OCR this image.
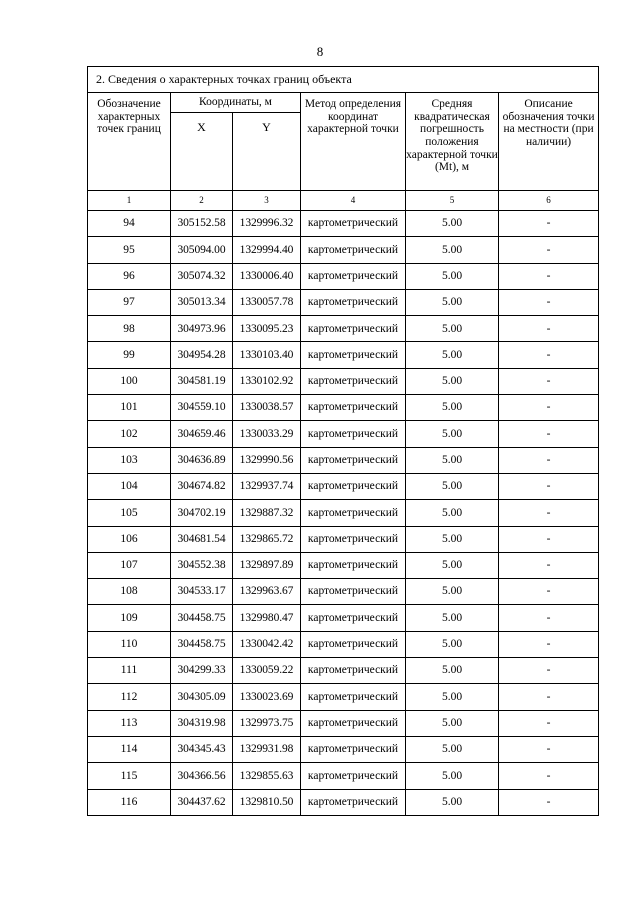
8
2. Сведения о характерных точках границ объекта					
Обозначение характерных точек границ	Координаты, м		Метод определения координат характерной точки	Средняя квадратическая погрешность положения характерной точки (Mt), м	Описание обозначения точки на местности (при наличии)
	X	Y			
1	2	3	4	5	6
94	305152.58	1329996.32	картометрический	5.00	-
95	305094.00	1329994.40	картометрический	5.00	-
96	305074.32	1330006.40	картометрический	5.00	-
97	305013.34	1330057.78	картометрический	5.00	-
98	304973.96	1330095.23	картометрический	5.00	-
99	304954.28	1330103.40	картометрический	5.00	-
100	304581.19	1330102.92	картометрический	5.00	-
101	304559.10	1330038.57	картометрический	5.00	-
102	304659.46	1330033.29	картометрический	5.00	-
103	304636.89	1329990.56	картометрический	5.00	-
104	304674.82	1329937.74	картометрический	5.00	-
105	304702.19	1329887.32	картометрический	5.00	-
106	304681.54	1329865.72	картометрический	5.00	-
107	304552.38	1329897.89	картометрический	5.00	-
108	304533.17	1329963.67	картометрический	5.00	-
109	304458.75	1329980.47	картометрический	5.00	-
110	304458.75	1330042.42	картометрический	5.00	-
111	304299.33	1330059.22	картометрический	5.00	-
112	304305.09	1330023.69	картометрический	5.00	-
113	304319.98	1329973.75	картометрический	5.00	-
114	304345.43	1329931.98	картометрический	5.00	-
115	304366.56	1329855.63	картометрический	5.00	-
116	304437.62	1329810.50	картометрический	5.00	-
